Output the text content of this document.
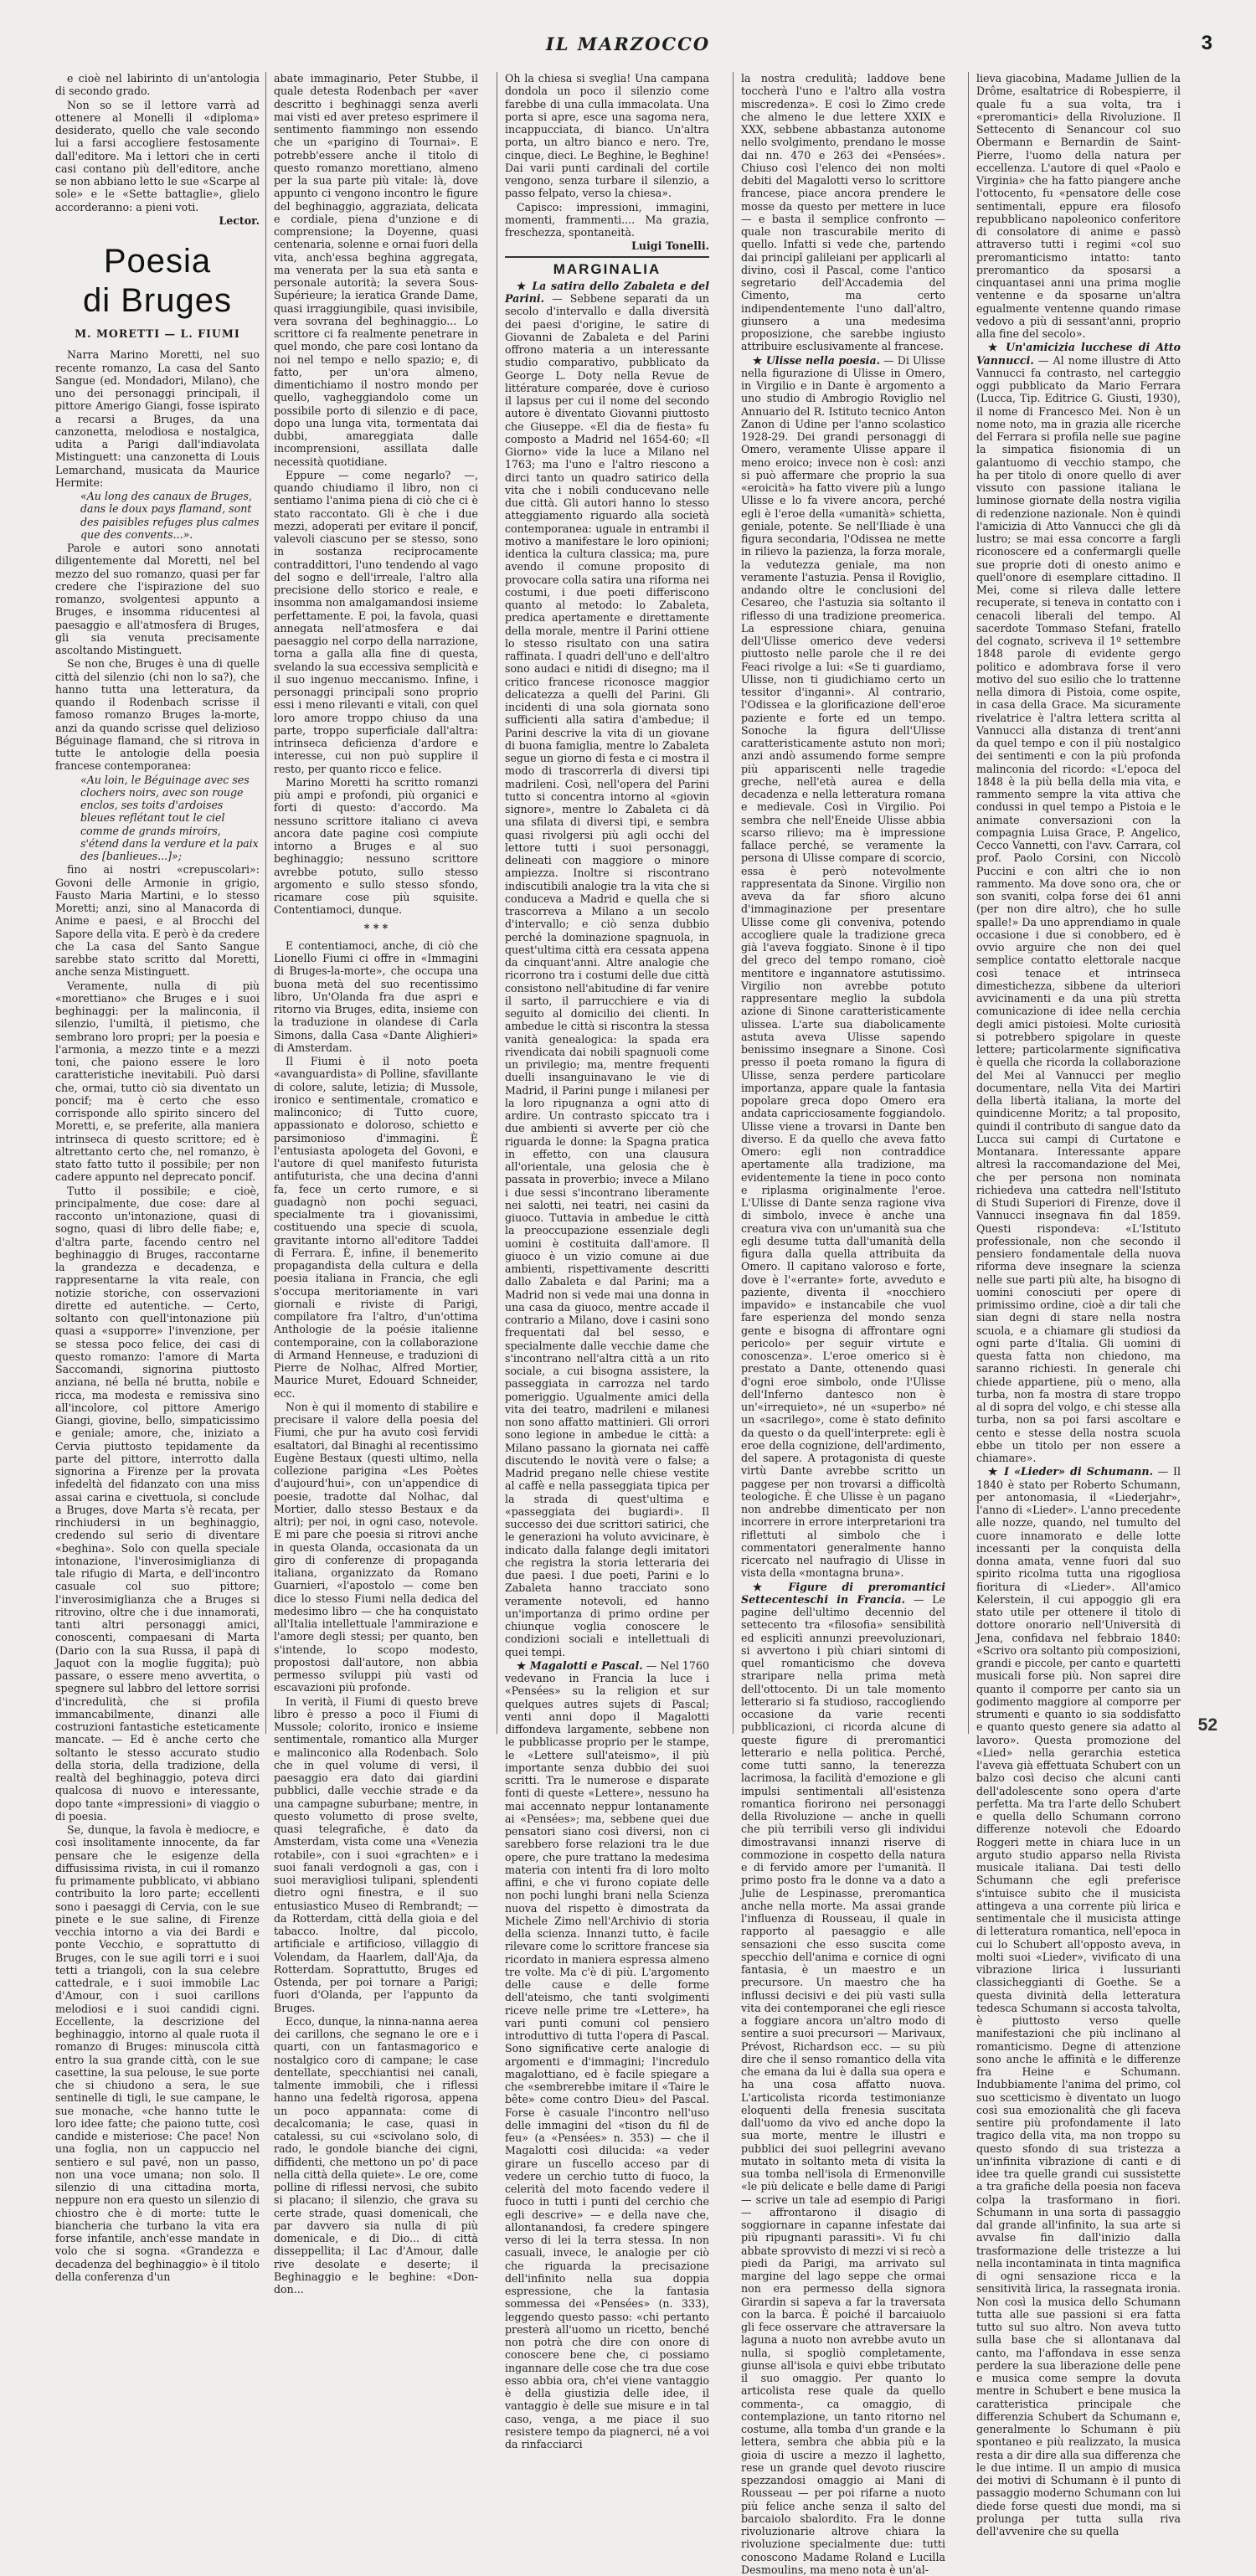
IL MARZOCCO	3

e cioè nel labirinto di un'antologia di secondo grado.

Non so se il lettore varrà ad ottenere al Monelli il «diploma» desiderato, quello che vale secondo lui a farsi accogliere festosamente dall'editore. Ma i lettori che in certi casi contano più dell'editore, anche se non abbiano letto le sue «Scarpe al sole» e le «Sette battaglie», glielo accorderanno: a pieni voti.

Lector.

Poesia
di Bruges
M. MORETTI — L. FIUMI

Narra Marino Moretti, nel suo recente romanzo, La casa del Santo Sangue (ed. Mondadori, Milano), che uno dei personaggi principali, il pittore Amerigo Giangi, fosse ispirato a recarsi a Bruges, da una canzonetta, melodiosa e nostalgica, udita a Parigi dall'indiavolata Mistinguett: una canzonetta di Louis Lemarchand, musicata da Maurice Hermite:

«Au long des canaux de Bruges, dans le doux pays flamand, sont des paisibles refuges plus calmes que des convents...».

Parole e autori sono annotati diligentemente dal Moretti, nel bel mezzo del suo romanzo, quasi per far credere che l'ispirazione del suo romanzo, svolgentesi appunto a Bruges, e insomma riducentesi al paesaggio e all'atmosfera di Bruges, gli sia venuta precisamente ascoltando Mistinguett.

Se non che, Bruges è una di quelle città del silenzio (chi non lo sa?), che hanno tutta una letteratura, da quando il Rodenbach scrisse il famoso romanzo Bruges la-morte, anzi da quando scrisse quel delizioso Béguinage flamand, che si ritrova in tutte le antologie della poesia francese contemporanea:

«Au loin, le Béguinage avec ses clochers noirs, avec son rouge enclos, ses toits d'ardoises bleues reflétant tout le ciel comme de grands miroirs, s'étend dans la verdure et la paix des [banlieues...]»;

fino ai nostri «crepuscolari»: Govoni delle Armonie in grigio, Fausto Maria Martini, e lo stesso Moretti; anzi, sino al Manacorda di Anime e paesi, e al Brocchi del Sapore della vita. E però è da credere che La casa del Santo Sangue sarebbe stato scritto dal Moretti, anche senza Mistinguett.

Veramente, nulla di più «morettiano» che Bruges e i suoi beghinaggi: per la malinconia, il silenzio, l'umiltà, il pietismo, che sembrano loro propri; per la poesia e l'armonia, a mezzo tinte e a mezzi toni, che paiono essere le loro caratteristiche inevitabili. Può darsi che, ormai, tutto ciò sia diventato un poncif; ma è certo che esso corrisponde allo spirito sincero del Moretti, e, se preferite, alla maniera intrinseca di questo scrittore; ed è altrettanto certo che, nel romanzo, è stato fatto tutto il possibile; per non cadere appunto nel deprecato poncif.

Tutto il possibile; e cioè, principalmente, due cose: dare al racconto un'intonazione, quasi di sogno, quasi di libro delle fiabe; e, d'altra parte, facendo centro nel beghinaggio di Bruges, raccontarne la grandezza e decadenza, e rappresentarne la vita reale, con notizie storiche, con osservazioni dirette ed autentiche. — Certo, soltanto con quell'intonazione più quasi a «supporre» l'invenzione, per se stessa poco felice, dei casi di questo romanzo: l'amore di Marta Saccomandi, signorina piuttosto anziana, né bella né brutta, nobile e ricca, ma modesta e remissiva sino all'incolore, col pittore Amerigo Giangi, giovine, bello, simpaticissimo e geniale; amore, che, iniziato a Cervia piuttosto tepidamente da parte del pittore, interrotto dalla signorina a Firenze per la provata infedeltà del fidanzato con una miss assai carina e civettuola, si conclude a Bruges, dove Marta s'è recata, per rinchiudersi in un beghinaggio, credendo sul serio di diventare «beghina». Solo con quella speciale intonazione, l'inverosimiglianza di tale rifugio di Marta, e dell'incontro casuale col suo pittore; l'inverosimiglianza che a Bruges si ritrovino, oltre che i due innamorati, tanti altri personaggi amici, conoscenti, compaesani di Marta (Dario con la sua Russa, il papà di Jaquot con la moglie fuggita); può passare, o essere meno avvertita, o spegnere sul labbro del lettore sorrisi d'incredulità, che si profila immancabilmente, dinanzi alle costruzioni fantastiche esteticamente mancate. — Ed è anche certo che soltanto le stesso accurato studio della storia, della tradizione, della realtà del beghinaggio, poteva dirci qualcosa di nuovo e interessante, dopo tante «impressioni» di viaggio o di poesia.

Se, dunque, la favola è mediocre, e così insolitamente innocente, da far pensare che le esigenze della diffusissima rivista, in cui il romanzo fu primamente pubblicato, vi abbiano contribuito la loro parte; eccellenti sono i paesaggi di Cervia, con le sue pinete e le sue saline, di Firenze vecchia intorno a via dei Bardi e ponte Vecchio, e soprattutto di Bruges, con le sue agili torri e i suoi tetti a triangoli, con la sua celebre cattedrale, e i suoi immobile Lac d'Amour, con i suoi carillons melodiosi e i suoi candidi cigni. Eccellente, la descrizione del beghinaggio, intorno al quale ruota il romanzo di Bruges: minuscola città entro la sua grande città, con le sue casettine, la sua pelouse, le sue porte che si chiudono a sera, le sue sentinelle di tigli, le sue campane, le sue monache, «che hanno tutte le loro idee fatte; che paiono tutte, così candide e misteriose: Che pace! Non una foglia, non un cappuccio nel sentiero e sul pavé, non un passo, non una voce umana; non solo. Il silenzio di una cittadina morta, neppure non era questo un silenzio di chiostro che è di morte: tutte le biancheria che turbano la vita era forse infantile, anch'esse mandate in volo che si sogna. «Grandezza e decadenza del beghinaggio» è il titolo della conferenza d'un

abate immaginario, Peter Stubbe, il quale detesta Rodenbach per «aver descritto i beghinaggi senza averli mai visti ed aver preteso esprimere il sentimento fiammingo non essendo che un «parigino di Tournai». E potrebb'essere anche il titolo di questo romanzo morettiano, almeno per la sua parte più vitale: là, dove appunto ci vengono incontro le figure del beghinaggio, aggraziata, delicata e cordiale, piena d'unzione e di comprensione; la Doyenne, quasi centenaria, solenne e ornai fuori della vita, anch'essa beghina aggregata, ma venerata per la sua età santa e personale autorità; la severa Sous-Supérieure; la ieratica Grande Dame, quasi irraggiungibile, quasi invisibile, vera sovrana del beghinaggio... Lo scrittore ci fa realmente penetrare in quel mondo, che pare così lontano da noi nel tempo e nello spazio; e, di fatto, per un'ora almeno, dimentichiamo il nostro mondo per quello, vagheggiandolo come un possibile porto di silenzio e di pace, dopo una lunga vita, tormentata dai dubbi, amareggiata dalle incomprensioni, assillata dalle necessità quotidiane.

Eppure — come negarlo? —, quando chiudiamo il libro, non ci sentiamo l'anima piena di ciò che ci è stato raccontato. Gli è che i due mezzi, adoperati per evitare il poncif, valevoli ciascuno per se stesso, sono in sostanza reciprocamente contraddittori, l'uno tendendo al vago del sogno e dell'irreale, l'altro alla precisione dello storico e reale, e insomma non amalgamandosi insieme perfettamente. E poi, la favola, quasi annegata nell'atmosfera e dai paesaggio nel corpo della narrazione, torna a galla alla fine di questa, svelando la sua eccessiva semplicità e il suo ingenuo meccanismo. Infine, i personaggi principali sono proprio essi i meno rilevanti e vitali, con quel loro amore troppo chiuso da una parte, troppo superficiale dall'altra: intrinseca deficienza d'ardore e interesse, cui non può supplire il resto, per quanto ricco e felice.

Marino Moretti ha scritto romanzi più ampi e profondi, più organici e forti di questo: d'accordo. Ma nessuno scrittore italiano ci aveva ancora date pagine così compiute intorno a Bruges e al suo beghinaggio; nessuno scrittore avrebbe potuto, sullo stesso argomento e sullo stesso sfondo, ricamare cose più squisite. Contentiamoci, dunque.

* * *

E contentiamoci, anche, di ciò che Lionello Fiumi ci offre in «Immagini di Bruges-la-morte», che occupa una buona metà del suo recentissimo libro, Un'Olanda fra due aspri e ritorno via Bruges, edita, insieme con la traduzione in olandese di Carla Simons, dalla Casa «Dante Alighieri» di Amsterdam.

Il Fiumi è il noto poeta «avanguardista» di Polline, sfavillante di colore, salute, letizia; di Mussole, ironico e sentimentale, cromatico e malinconico; di Tutto cuore, appassionato e doloroso, schietto e parsimonioso d'immagini. È l'entusiasta apologeta del Govoni, e l'autore di quel manifesto futurista antifuturista, che una decina d'anni fa, fece un certo rumore, e si guadagnò non pochi seguaci, specialmente tra i giovanissimi, costituendo una specie di scuola, gravitante intorno all'editore Taddei di Ferrara. È, infine, il benemerito propagandista della cultura e della poesia italiana in Francia, che egli s'occupa meritoriamente in vari giornali e riviste di Parigi, compilatore fra l'altro, d'un'ottima Anthologie de la poésie italienne contemporaine, con la collaborazione di Armand Henneuse, e traduzioni di Pierre de Nolhac, Alfred Mortier, Maurice Muret, Edouard Schneider, ecc.

Non è qui il momento di stabilire e precisare il valore della poesia del Fiumi, che pur ha avuto così fervidi esaltatori, dal Binaghi al recentissimo Eugène Bestaux (questi ultimo, nella collezione parigina «Les Poètes d'aujourd'hui», con un'appendice di poesie, tradotte dal Nolhac, dal Mortier, dallo stesso Bestaux e da altri); per noi, in ogni caso, notevole. E mi pare che poesia si ritrovi anche in questa Olanda, occasionata da un giro di conferenze di propaganda italiana, organizzato da Romano Guarnieri, «l'apostolo — come ben dice lo stesso Fiumi nella dedica del medesimo libro — che ha conquistato all'Italia intellettuale l'ammirazione e l'amore degli stessi; per quanto, ben s'intende, lo scopo modesto, propostosi dall'autore, non abbia permesso sviluppi più vasti od escavazioni più profonde.

In verità, il Fiumi di questo breve libro è presso a poco il Fiumi di Mussole; colorito, ironico e insieme sentimentale, romantico alla Murger e malinconico alla Rodenbach. Solo che in quel volume di versi, il paesaggio era dato dai giardini pubblici, dalle vecchie strade e da una campagne suburbane; mentre, in questo volumetto di prose svelte, quasi telegrafiche, è dato da Amsterdam, vista come una «Venezia rotabile», con i suoi «grachten» e i suoi fanali verdognoli a gas, con i suoi meravigliosi tulipani, splendenti dietro ogni finestra, e il suo entusiastico Museo di Rembrandt; — da Rotterdam, città della gioia e del tabacco. Inoltre, dal piccolo, artificiale e artificioso, villaggio di Volendam, da Haarlem, dall'Aja, da Rotterdam. Soprattutto, Bruges ed Ostenda, per poi tornare a Parigi; fuori d'Olanda, per l'appunto da Bruges.

Ecco, dunque, la ninna-nanna aerea dei carillons, che segnano le ore e i quarti, con un fantasmagorico e nostalgico coro di campane; le case dentellate, specchiantisi nei canali, talmente immobili, che i riflessi hanno una fedeltà rigorosa, appena un poco appannata: come di decalcomania; le case, quasi in catalessi, su cui «scivolano solo, di rado, le gondole bianche dei cigni, diffidenti, che mettono un po' di pace nella città della quiete». Le ore, come polline di riflessi nervosi, che subito si placano; il silenzio, che grava su certe strade, quasi domenicali, che par davvero sia nulla di più domenicale, e di Dio... di città disseppellita; il Lac d'Amour, dalle rive desolate e deserte; il Beghinaggio e le beghine: «Don-don...

Oh la chiesa si sveglia! Una campana dondola un poco il silenzio come farebbe di una culla immacolata. Una porta si apre, esce una sagoma nera, incappucciata, di bianco. Un'altra porta, un altro bianco e nero. Tre, cinque, dieci. Le Beghine, le Beghine! Dai varii punti cardinali del cortile vengono, senza turbare il silenzio, a passo felpato, verso la chiesa».

Capisco: impressioni, immagini, momenti, frammenti.... Ma grazia, freschezza, spontaneità.

Luigi Tonelli.

MARGINALIA

★ La satira dello Zabaleta e del Parini. — Sebbene separati da un secolo d'intervallo e dalla diversità dei paesi d'origine, le satire di Giovanni de Zabaleta e del Parini offrono materia a un interessante studio comparativo, pubblicato da George L. Doty nella Revue de littérature comparée, dove è curioso il lapsus per cui il nome del secondo autore è diventato Giovanni piuttosto che Giuseppe. «El dia de fiesta» fu composto a Madrid nel 1654-60; «Il Giorno» vide la luce a Milano nel 1763; ma l'uno e l'altro riescono a dirci tanto un quadro satirico della vita che i nobili conducevano nelle due città. Gli autori hanno lo stesso atteggiamento riguardo alla società contemporanea: uguale in entrambi il motivo a manifestare le loro opinioni; identica la cultura classica; ma, pure avendo il comune proposito di provocare colla satira una riforma nei costumi, i due poeti differiscono quanto al metodo: lo Zabaleta, predica apertamente e direttamente della morale, mentre il Parini ottiene lo stesso risultato con una satira raffinata. I quadri dell'uno e dell'altro sono audaci e nitidi di disegno; ma il critico francese riconosce maggior delicatezza a quelli del Parini. Gli incidenti di una sola giornata sono sufficienti alla satira d'ambedue; il Parini descrive la vita di un giovane di buona famiglia, mentre lo Zabaleta segue un giorno di festa e ci mostra il modo di trascorrerla di diversi tipi madrileni. Così, nell'opera del Parini tutto si concentra intorno al «giovin signore», mentre lo Zabaleta ci dà una sfilata di diversi tipi, e sembra quasi rivolgersi più agli occhi del lettore tutti i suoi personaggi, delineati con maggiore o minore ampiezza. Inoltre si riscontrano indiscutibili analogie tra la vita che si conduceva a Madrid e quella che si trascorreva a Milano a un secolo d'intervallo; e ciò senza dubbio perché la dominazione spagnuola, in quest'ultima città era cessata appena da cinquant'anni. Altre analogie che ricorrono tra i costumi delle due città consistono nell'abitudine di far venire il sarto, il parrucchiere e via di seguito al domicilio dei clienti. In ambedue le città si riscontra la stessa vanità genealogica: la spada era rivendicata dai nobili spagnuoli come un privilegio; ma, mentre frequenti duelli insanguinavano le vie di Madrid, il Parini punge i milanesi per la loro ripugnanza a ogni atto di ardire. Un contrasto spiccato tra i due ambienti si avverte per ciò che riguarda le donne: la Spagna pratica in effetto, con una clausura all'orientale, una gelosia che è passata in proverbio; invece a Milano i due sessi s'incontrano liberamente nei salotti, nei teatri, nei casini da giuoco. Tuttavia in ambedue le città la preoccupazione essenziale degli uomini è costituita dall'amore. Il giuoco è un vizio comune ai due ambienti, rispettivamente descritti dallo Zabaleta e dal Parini; ma a Madrid non si vede mai una donna in una casa da giuoco, mentre accade il contrario a Milano, dove i casini sono frequentati dal bel sesso, e specialmente dalle vecchie dame che s'incontrano nell'altra città a un rito sociale, a cui bisogna assistere, la passeggiata in carrozza nel tardo pomeriggio. Ugualmente amici della vita dei teatro, madrileni e milanesi non sono affatto mattinieri. Gli orrori sono legione in ambedue le città: a Milano passano la giornata nei caffè discutendo le novità vere o false; a Madrid pregano nelle chiese vestite al caffè e nella passeggiata tipica per la strada di quest'ultima e «passeggiata dei bugiardi». Il successo dei due scrittori satirici, che le generazioni ha voluto avvicinare, è indicato dalla falange degli imitatori che registra la storia letteraria dei due paesi. I due poeti, Parini e lo Zabaleta hanno tracciato sono veramente notevoli, ed hanno un'importanza di primo ordine per chiunque voglia conoscere le condizioni sociali e intellettuali di quei tempi.

★ Magalotti e Pascal. — Nel 1760 vedevano in Francia la luce i «Pensées» su la religion et sur quelques autres sujets di Pascal; venti anni dopo il Magalotti diffondeva largamente, sebbene non le pubblicasse proprio per le stampe, le «Lettere sull'ateismo», il più importante senza dubbio dei suoi scritti. Tra le numerose e disparate fonti di queste «Lettere», nessuno ha mai accennato neppur lontanamente ai «Pensées»; ma, sebbene quei due pensatori siano così diversi, non ci sarebbero forse relazioni tra le due opere, che pure trattano la medesima materia con intenti fra di loro molto affini, e che vi furono copiate delle non pochi lunghi brani nella Scienza nuova del rispetto è dimostrata da Michele Zimo nell'Archivio di storia della scienza. Innanzi tutto, è facile rilevare come lo scrittore francese sia ricordato in maniera espressa almeno tre volte. Ma c'è di più. L'argomento delle cause e delle forme dell'ateismo, che tanti svolgimenti riceve nelle prime tre «Lettere», ha vari punti comuni col pensiero introduttivo di tutta l'opera di Pascal. Sono significative certe analogie di argomenti e d'immagini; l'incredulo magalottiano, ed è facile spiegare a che «sembrerebbe imitare il «Taire le bête» come contro Dieu» del Pascal. Forse è casuale l'incontro nell'uso delle immagini del «tison du fil de feu» (a «Pensées» n. 353) — che il Magalotti così dilucida: «a veder girare un fuscello acceso par di vedere un cerchio tutto di fuoco, la celerità del moto facendo vedere il fuoco in tutti i punti del cerchio che egli descrive» — e della nave che, allontanandosi, fa credere spingere verso di lei la terra stessa. In non casuali, invece, le analogie per ciò che riguarda la precisazione dell'infinito nella sua doppia espressione, che la fantasia sommessa dei «Pensées» (n. 333), leggendo questo passo: «chi pertanto presterà all'uomo un ricetto, benché non potrà che dire con onore di conoscere bene che, ci possiamo ingannare delle cose che tra due cose esso abbia ora, ch'ei viene vantaggio è della giustizia delle idee, il vantaggio è delle sue misure e in tal caso, venga, a me piace il suo resistere tempo da piagnerci, né a voi da rinfacciarci

la nostra credulità; laddove bene toccherà l'uno e l'altro alla vostra miscredenza». E così lo Zimo crede che almeno le due lettere XXIX e XXX, sebbene abbastanza autonome nello svolgimento, prendano le mosse dai nn. 470 e 263 dei «Pensées». Chiuso così l'elenco dei non molti debiti del Magalotti verso lo scrittore francese, piace ancora prendere le mosse da questo per mettere in luce — e basta il semplice confronto — quale non trascurabile merito di quello. Infatti si vede che, partendo dai principî galileiani per applicarli al divino, così il Pascal, come l'antico segretario dell'Accademia del Cimento, ma certo indipendentemente l'uno dall'altro, giunsero a una medesima proposizione, che sarebbe ingiusto attribuire esclusivamente al francese.

★ Ulisse nella poesia. — Di Ulisse nella figurazione di Ulisse in Omero, in Virgilio e in Dante è argomento a uno studio di Ambrogio Roviglio nel Annuario del R. Istituto tecnico Anton Zanon di Udine per l'anno scolastico 1928-29. Dei grandi personaggi di Omero, veramente Ulisse appare il meno eroico; invece non è così: anzi si può affermare che proprio la sua «eroicità» ha fatto vivere più a lungo Ulisse e lo fa vivere ancora, perché egli è l'eroe della «umanità» schietta, geniale, potente. Se nell'Iliade è una figura secondaria, l'Odissea ne mette in rilievo la pazienza, la forza morale, la vedutezza geniale, ma non veramente l'astuzia. Pensa il Roviglio, andando oltre le conclusioni del Cesareo, che l'astuzia sia soltanto il riflesso di una tradizione preomerica. La espressione chiara, genuina dell'Ulisse omerico deve vedersi piuttosto nelle parole che il re dei Feaci rivolge a lui: «Se ti guardiamo, Ulisse, non ti giudichiamo certo un tessitor d'inganni». Al contrario, l'Odissea e la glorificazione dell'eroe paziente e forte ed un tempo. Sonoche la figura dell'Ulisse caratteristicamente astuto non morì; anzi andò assumendo forme sempre più appariscenti nelle tragedie greche, nell'età aurea e della decadenza e nella letteratura romana e medievale. Così in Virgilio. Poi sembra che nell'Eneide Ulisse abbia scarso rilievo; ma è impressione fallace perché, se veramente la persona di Ulisse compare di scorcio, essa è però notevolmente rappresentata da Sinone. Virgilio non aveva da far sfioro alcuno d'immaginazione per presentare Ulisse come gli conveniva, potendo accogliere quale la tradizione greca già l'aveva foggiato. Sinone è il tipo del greco del tempo romano, cioè mentitore e ingannatore astutissimo. Virgilio non avrebbe potuto rappresentare meglio la subdola azione di Sinone caratteristicamente ulissea. L'arte sua diabolicamente astuta aveva Ulisse sapendo benissimo insegnare a Sinone. Così presso il poeta romano la figura di Ulisse, senza perdere particolare importanza, appare quale la fantasia popolare greca dopo Omero era andata capricciosamente foggiandolo. Ulisse viene a trovarsi in Dante ben diverso. E da quello che aveva fatto Omero: egli non contraddice apertamente alla tradizione, ma evidentemente la tiene in poco conto e riplasma originalmente l'eroe. L'Ulisse di Dante senza ragione viva di simbolo, invece è anche una creatura viva con un'umanità sua che egli desume tutta dall'umanità della figura dalla quella attribuita da Omero. Il capitano valoroso e forte, dove è l'«errante» forte, avveduto e paziente, diventa il «nocchiero impavido» e instancabile che vuol fare esperienza del mondo senza gente e bisogna di affrontare ogni pericolo» per seguir virtute e conoscenza». L'eroe omerico si è prestato a Dante, ottenendo quasi d'ogni eroe simbolo, onde l'Ulisse dell'Inferno dantesco non è un'«irrequieto», né un «superbo» né un «sacrilego», come è stato definito da questo o da quell'interprete: egli è eroe della cognizione, dell'ardimento, del sapere. A protagonista di queste virtù Dante avrebbe scritto un paggese per non trovarsi a difficoltà teologiche. È che Ulisse è un pagano non andrebbe dimenticato per non incorrere in errore interpretarioni tra riflettuti al simbolo che i commentatori generalmente hanno ricercato nel naufragio di Ulisse in vista della «montagna bruna».

★ Figure di preromantici Settecenteschi in Francia. — Le pagine dell'ultimo decennio del settecento tra «filosofia» sensibilità ed esplicitì annunzi preevoluzionari, si avvertono i più chiari sintomi di quel romanticismo che doveva straripare nella prima metà dell'ottocento. Di un tale momento letterario si fa studioso, raccogliendo occasione da varie recenti pubblicazioni, ci ricorda alcune di queste figure di preromantici letterario e nella politica. Perché, come tutti sanno, la tenerezza lacrimosa, la facilità d'emozione e gli impulsi sentimentali all'esistenza romantica fiorirono nei personaggi della Rivoluzione — anche in quelli che più terribili verso gli individui dimostravansi innanzi riserve di commozione in cospetto della natura e di fervido amore per l'umanità. Il primo posto fra le donne va a dato a Julie de Lespinasse, preromantica anche nella morte. Ma assai grande l'influenza di Rousseau, il quale in rapporto al paesaggio e alle sensazioni che esso suscita come specchio dell'anima e cornice di ogni fantasia, è un maestro e un precursore. Un maestro che ha influssi decisivi e dei più vasti sulla vita dei contemporanei che egli riesce a foggiare ancora un'altro modo di sentire a suoi precursori — Marivaux, Prévost, Richardson ecc. — su più dire che il senso romantico della vita che emana da lui è dalla sua opera e ha una cosa affatto nuova. L'articolista ricorda testimonianze eloquenti della frenesia suscitata dall'uomo da vivo ed anche dopo la sua morte, mentre le illustri e pubblici dei suoi pellegrini avevano mutato in soltanto meta di visita la sua tomba nell'isola di Ermenonville «le più delicate e belle dame di Parigi — scrive un tale ad esempio di Parigi — affrontarono il disagio di soggiornare in capanne infestate dai più ripugnanti parassiti». Vi fu chi abbate sprovvisto di mezzi vi si recò a piedi da Parigi, ma arrivato sul margine del lago seppe che ormai non era permesso della signora Girardin si sapeva a far la traversata con la barca. È poiché il barcaiuolo gli fece osservare che attraversare la laguna a nuoto non avrebbe avuto un nulla, si spogliò completamente, giunse all'isola e quivi ebbe tributato il suo omaggio. Per quanto lo articolista rese quale da quello commenta-, ca omaggio, di contemplazione, un tanto ritorno nel costume, alla tomba d'un grande e la lettera, sembra che abbia più e la gioia di uscire a mezzo il laghetto, rese un grande quel devoto riuscire spezzandosi omaggio ai Mani di Rousseau — per poi rifarne a nuoto più felice anche senza il salto del barcaiolo sbalordito. Fra le donne rivoluzionarie altrove chiara la rivoluzione specialmente due: tutti conoscono Madame Roland e Lucilla Desmoulins, ma meno nota è un'al-

lieva giacobina, Madame Jullien de la Drôme, esaltatrice di Robespierre, il quale fu a sua volta, tra i «preromantici» della Rivoluzione. Il Settecento di Senancour col suo Obermann e Bernardin de Saint-Pierre, l'uomo della natura per eccellenza. L'autore di quel «Paolo e Virginia» che ha fatto piangere anche l'ottocento, fu «pensatore delle cose sentimentali, eppure era filosofo repubblicano napoleonico conferitore di consolatore di anime e passò attraverso tutti i regimi «col suo preromanticismo intatto: tanto preromantico da sposarsi a cinquantasei anni una prima moglie ventenne e da sposarne un'altra egualmente ventenne quando rimase vedovo a più di sessant'anni, proprio alla fine del secolo».

★ Un'amicizia lucchese di Atto Vannucci. — Al nome illustre di Atto Vannucci fa contrasto, nel carteggio oggi pubblicato da Mario Ferrara (Lucca, Tip. Editrice G. Giusti, 1930), il nome di Francesco Mei. Non è un nome noto, ma in grazia alle ricerche del Ferrara si profila nelle sue pagine la simpatica fisionomia di un galantuomo di vecchio stampo, che ha per titolo di onore quello di aver vissuto con passione italiana le luminose giornate della nostra vigilia di redenzione nazionale. Non è quindi l'amicizia di Atto Vannucci che gli dà lustro; se mai essa concorre a fargli riconoscere ed a confermargli quelle sue proprie doti di onesto animo e quell'onore di esemplare cittadino. Il Mei, come si rileva dalle lettere recuperate, si teneva in contatto con i cenacoli liberali del tempo. Al sacerdote Tommaso Stefani, fratello del cognato, scriveva il 1º settembre 1848 parole di evidente gergo politico e adombrava forse il vero motivo del suo esilio che lo trattenne nella dimora di Pistoia, come ospite, in casa della Grace. Ma sicuramente rivelatrice è l'altra lettera scritta al Vannucci alla distanza di trent'anni da quel tempo e con il più nostalgico dei sentimenti e con la più profonda malinconia del ricordo: «L'epoca del 1848 è la più bella della mia vita, e rammento sempre la vita attiva che condussi in quel tempo a Pistoia e le animate conversazioni con la compagnia Luisa Grace, P. Angelico, Cecco Vannetti, con l'avv. Carrara, col prof. Paolo Corsini, con Niccolò Puccini e con altri che io non rammento. Ma dove sono ora, che or son svaniti, colpa forse dei 61 anni (per non dire altro), che ho sulle spalle!» Da uno apprendiamo in quale occasione i due si conobbero, ed è ovvio arguire che non dei quel semplice contatto elettorale nacque così tenace et intrinseca dimestichezza, sibbene da ulteriori avvicinamenti e da una più stretta comunicazione di idee nella cerchia degli amici pistoiesi. Molte curiosità si potrebbero spigolare in queste lettere; particolarmente significativa è quella che ricorda la collaborazione del Mei al Vannucci per meglio documentare, nella Vita dei Martiri della libertà italiana, la morte del quindicenne Moritz; a tal proposito, quindi il contributo di sangue dato da Lucca sui campi di Curtatone e Montanara. Interessante appare altresì la raccomandazione del Mei, che per persona non nominata richiedeva una cattedra nell'Istituto di Studi Superiori di Firenze, dove il Vannucci insegnava fin dal 1859. Questi rispondeva: «L'Istituto professionale, non che secondo il pensiero fondamentale della nuova riforma deve insegnare la scienza nelle sue parti più alte, ha bisogno di uomini conosciuti per opere di primissimo ordine, cioè a dir tali che sian degni di stare nella nostra scuola, e a chiamare gli studiosi da ogni parte d'Italia. Gli uomini di questa fatta non chiedono, ma saranno richiesti. In generale chi chiede appartiene, più o meno, alla turba, non fa mostra di stare troppo al di sopra del volgo, e chi stesse alla turba, non sa poi farsi ascoltare e cento e stesse della nostra scuola ebbe un titolo per non essere a chiamare».

★ I «Lieder» di Schumann. — Il 1840 è stato per Roberto Schumann, per antonomasia, il «Liederjahr», l'anno di «Lieder». L'anno precedente alle nozze, quando, nel tumulto del cuore innamorato e delle lotte incessanti per la conquista della donna amata, venne fuori dal suo spirito ricolma tutta una rigogliosa fioritura di «Lieder». All'amico Kelerstein, il cui appoggio gli era stato utile per ottenere il titolo di dottore onorario nell'Università di Jena, confidava nel febbraio 1840: «Scrivo ora soltanto più composizioni, grandi e piccole, per canto e quartetti musicali forse più. Non saprei dire quanto il comporre per canto sia un godimento maggiore al comporre per strumenti e quanto io sia soddisfatto e quanto questo genere sia adatto al lavoro». Questa promozione del «Lied» nella gerarchia estetica l'aveva già effettuata Schubert con un balzo così deciso che alcuni canti dell'adolescente sono opera d'arte perfetta. Ma tra l'arte dello Schubert e quella dello Schumann corrono differenze notevoli che Edoardo Roggeri mette in chiara luce in un arguto studio apparso nella Rivista musicale italiana. Dai testi dello Schumann che egli preferisce s'intuisce subito che il musicista attingeva a una corrente più lirica e sentimentale che il musicista attinge di letteratura romantica, nell'epoca in cui lo Schubert all'opposto aveva, in molti suoi «Lieder», vivificato di una vibrazione lirica i lussurianti classicheggianti di Goethe. Se a questa divinità della letteratura tedesca Schumann si accosta talvolta, è piuttosto verso quelle manifestazioni che più inclinano al romanticismo. Degne di attenzione sono anche le affinità e le differenze fra Heine e Schumann. Indubbiamente l'anima del primo, col suo scetticismo è diventato un luogo così sua emozionalità che gli faceva sentire più profondamente il lato tragico della vita, ma non troppo su questo sfondo di sua tristezza a un'infinita vibrazione di canti e di idee tra quelle grandi cui sussistette a tra grafiche della poesia non faceva colpa la trasformano in fiori. Schumann in una sorta di passaggio dal grande all'infinito, la sua arte si avvalse fin dall'inizio dalla trasformazione delle tristezze a lui nella incontaminata in tinta magnifica di ogni sensazione ricca e la sensitività lirica, la rassegnata ironia. Non così la musica dello Schumann tutta alle sue passioni si era fatta tutto sul suo altro. Non aveva tutto sulla base che si allontanava dal canto, ma l'affondava in esse senza perdere la sua liberazione delle pene e musica come sempre la dovuta mentre in Schubert e bene musica la caratteristica principale che differenzia Schubert da Schumann e, generalmente lo Schumann è più spontaneo e più realizzato, la musica resta a dir dire alla sua differenza che le due intime. Il un ampio di musica dei motivi di Schumann è il punto di passaggio moderno Schumann con lui diede forse questi due mondi, ma si prolunga per tutta sulla riva dell'avvenire che su quella

52
